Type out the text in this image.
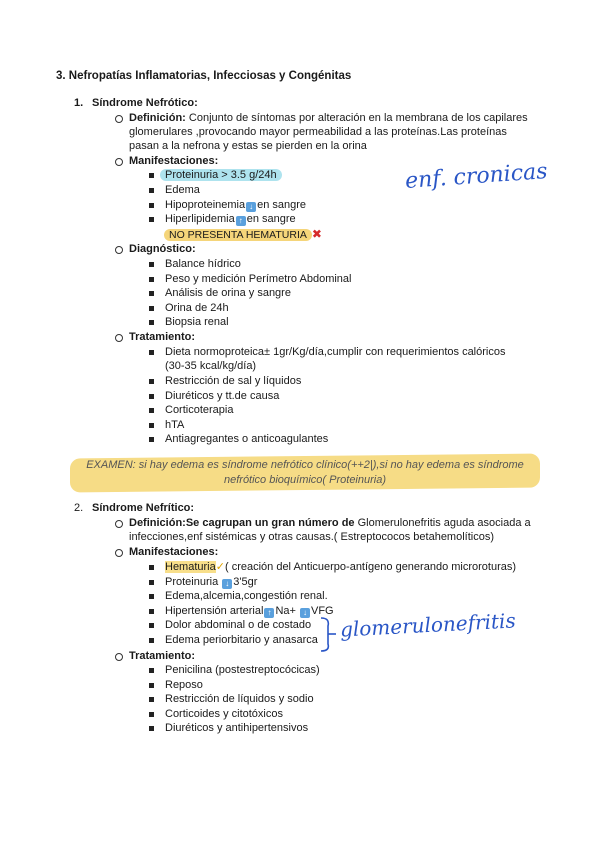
3. Nefropatías Inflamatorias, Infecciosas y Congénitas
1. Síndrome Nefrótico:
Definición: Conjunto de síntomas por alteración en la membrana de los capilares
glomerulares ,provocando mayor permeabilidad a las proteínas.Las proteínas
pasan a la nefrona y estas se pierden en la orina
Manifestaciones:
Proteinuria > 3.5 g/24h
Edema
Hipoproteinemia ↓ en sangre
Hiperlipidemia ↑ en sangre
NO PRESENTA HEMATURIA ✖
enf. cronicas
Diagnóstico:
Balance hídrico
Peso y medición Perímetro Abdominal
Análisis de orina y sangre
Orina de 24h
Biopsia renal
Tratamiento:
Dieta normoproteica± 1gr/Kg/día,cumplir con requerimientos calóricos
(30-35 kcal/kg/día)
Restricción de sal y líquidos
Diuréticos y tt.de causa
Corticoterapia
hTA
Antiagregantes o anticoagulantes
EXAMEN: si hay edema es síndrome nefrótico clínico(++2|),si no hay edema es síndrome
nefrótico bioquímico( Proteinuria)
2. Síndrome Nefrítico:
Definición:Se cagrupan un gran número de Glomerulonefritis aguda asociada a
infecciones,enf sistémicas y otras causas.( Estreptococos betahemolíticos)
Manifestaciones:
Hematuria✓( creación del Anticuerpo-antígeno generando microroturas)
Proteinuria ↓ 3'5gr
Edema,alcemia,congestión renal.
Hipertensión arterial ↑ Na+ ↓ VFG
Dolor abdominal o de costado
Edema periorbitario y anasarca glomerulonefritis
Tratamiento:
Penicilina (postestreptocócicas)
Reposo
Restricción de líquidos y sodio
Corticoides y citotóxicos
Diuréticos y antihipertensivos
